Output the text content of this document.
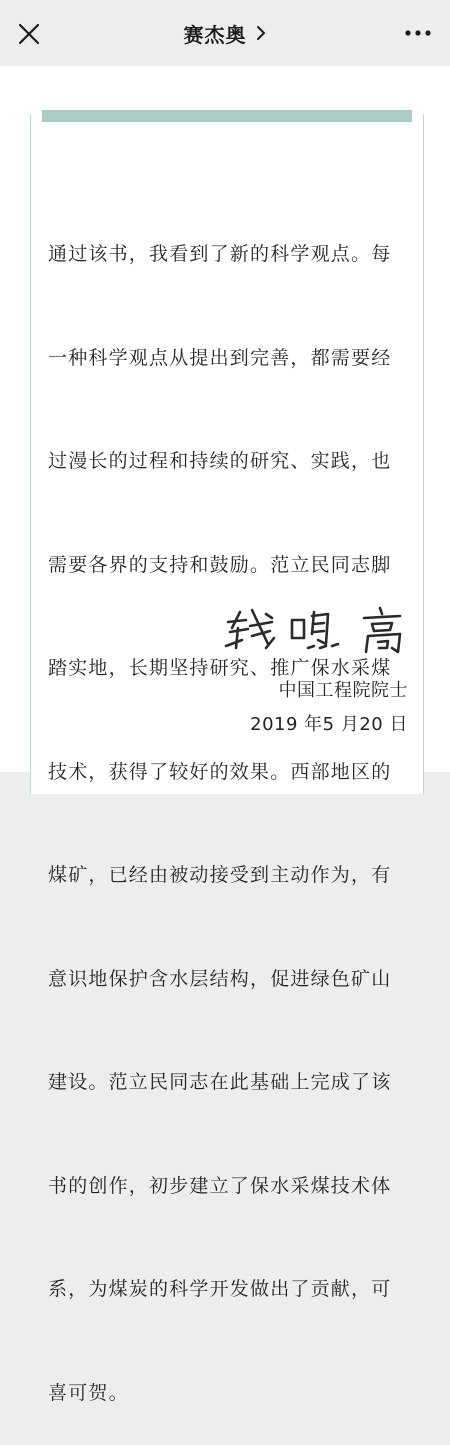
赛杰奥

通过该书，我看到了新的科学观点。每

一种科学观点从提出到完善，都需要经

过漫长的过程和持续的研究、实践，也

需要各界的支持和鼓励。范立民同志脚

踏实地，长期坚持研究、推广保水采煤

技术，获得了较好的效果。西部地区的

煤矿，已经由被动接受到主动作为，有

意识地保护含水层结构，促进绿色矿山

建设。范立民同志在此基础上完成了该

书的创作，初步建立了保水采煤技术体

系，为煤炭的科学开发做出了贡献，可

喜可贺。

中国工程院院士
2019 年5 月20 日
